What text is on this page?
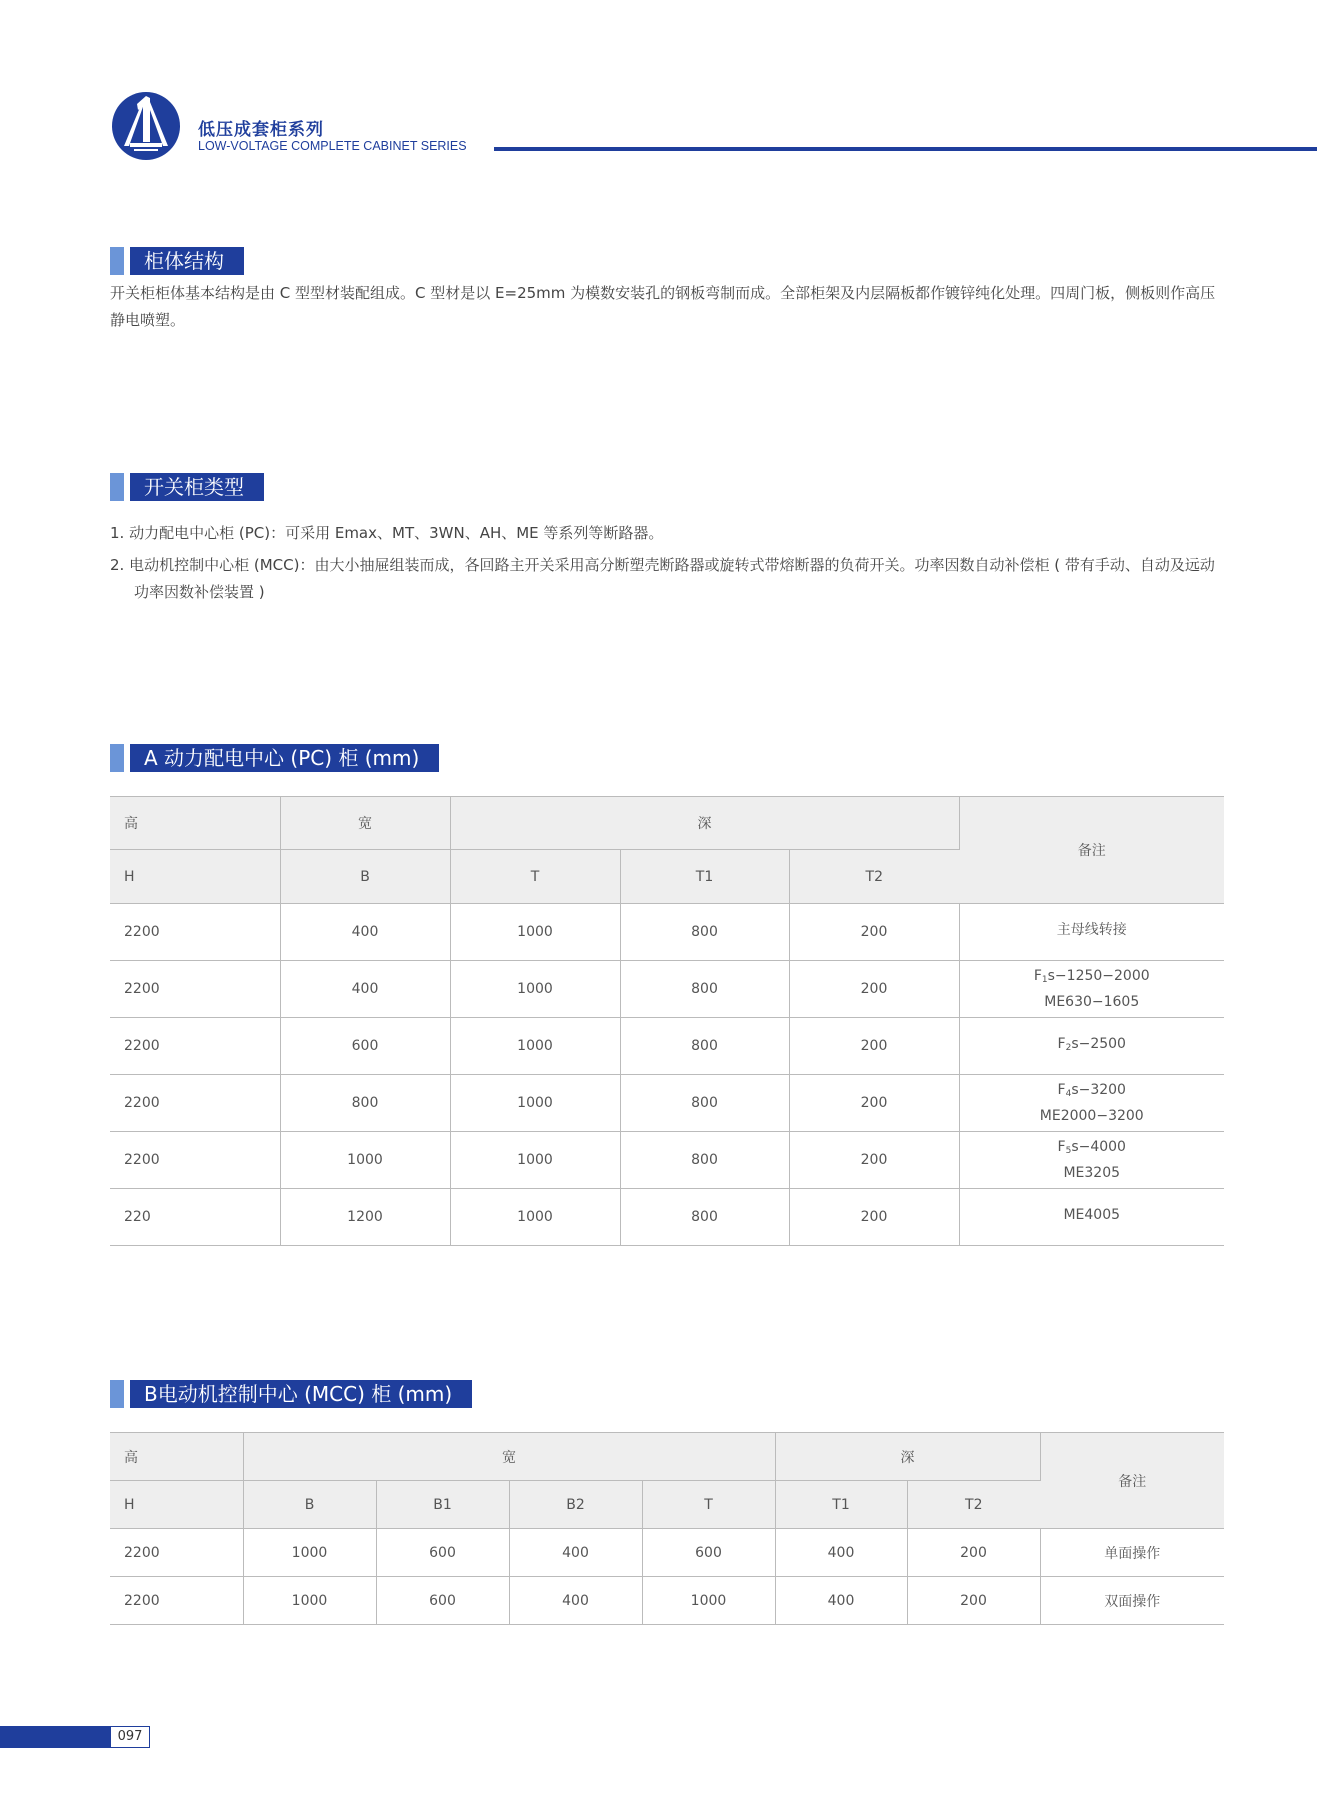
低压成套柜系列
LOW-VOLTAGE COMPLETE CABINET SERIES
柜体结构
开关柜柜体基本结构是由 C 型型材装配组成。C 型材是以 E=25mm 为模数安装孔的钢板弯制而成。全部柜架及内层隔板都作镀锌纯化处理。四周门板，侧板则作高压静电喷塑。
开关柜类型
1. 动力配电中心柜 (PC)：可采用 Emax、MT、3WN、AH、ME 等系列等断路器。
2. 电动机控制中心柜 (MCC)：由大小抽屉组装而成，各回路主开关采用高分断塑壳断路器或旋转式带熔断器的负荷开关。功率因数自动补偿柜 ( 带有手动、自动及远动功率因数补偿装置 )
A 动力配电中心 (PC) 柜 (mm)
高	宽	深			备注
H	B	T	T1	T2	
2200	400	1000	800	200	主母线转接
2200	400	1000	800	200	$F_1s-1250-2000$
ME630−1605
2200	600	1000	800	200	$F_2s-2500$
2200	800	1000	800	200	$F_4s-3200$
ME2000−3200
2200	1000	1000	800	200	$F_5s-4000$
ME3205
220	1200	1000	800	200	ME4005
B电动机控制中心 (MCC) 柜 (mm)
高	宽				深		备注
H	B	B1	B2	T	T1	T2	
2200	1000	600	400	600	400	200	单面操作
2200	1000	600	400	1000	400	200	双面操作
097
